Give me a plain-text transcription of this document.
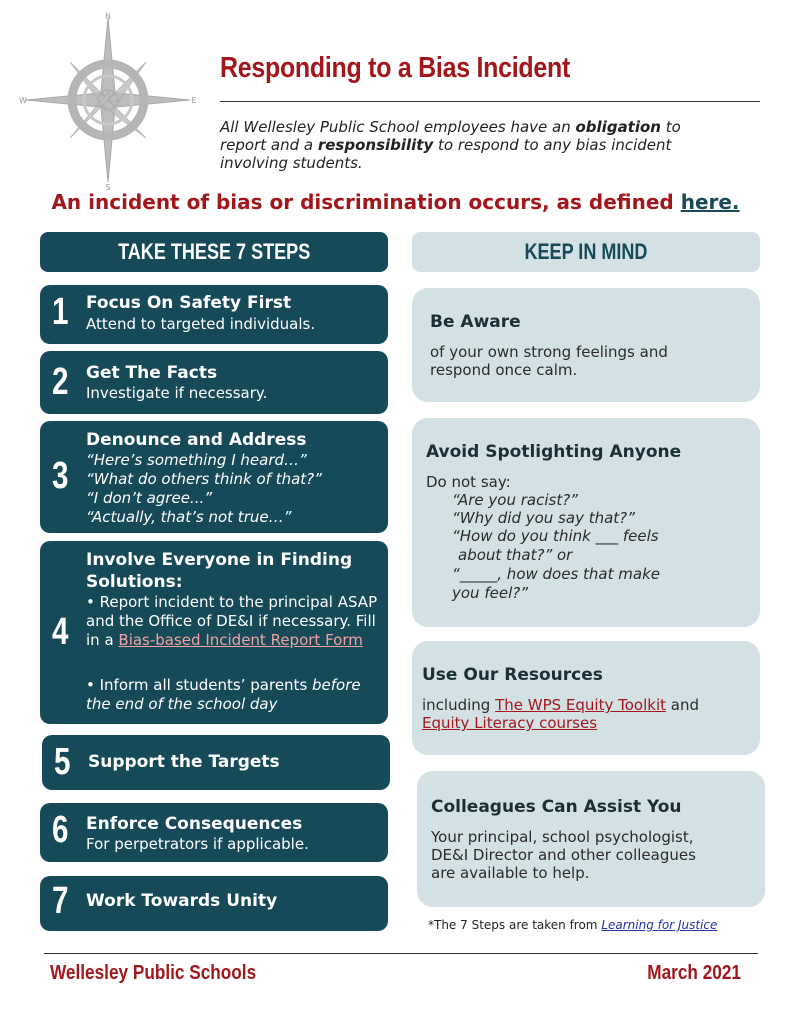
N
E
S
W
Responding to a Bias Incident
All Wellesley Public School employees have an obligation to report and a responsibility to respond to any bias incident involving students.
An incident of bias or discrimination occurs, as defined here.
TAKE THESE 7 STEPS	KEEP IN MIND
1 Focus On Safety First
Attend to targeted individuals.
2 Get The Facts
Investigate if necessary.
3
Denounce and Address
“Here’s something I heard…”
“What do others think of that?”
“I don’t agree...”
“Actually, that’s not true…”
4
Involve Everyone in Finding
Solutions:
• Report incident to the principal ASAP and the Office of DE&I if necessary. Fill in a Bias-based Incident Report Form
• Inform all students’ parents before the end of the school day
5 Support the Targets
6 Enforce Consequences
For perpetrators if applicable.
7 Work Towards Unity
Be Aware
of your own strong feelings and respond once calm.
Avoid Spotlighting Anyone
Do not say:
“Are you racist?”
“Why did you say that?”
“How do you think ___ feels
about that?” or
“_____, how does that make
you feel?”
Use Our Resources
including The WPS Equity Toolkit and Equity Literacy courses
Colleagues Can Assist You
Your principal, school psychologist, DE&I Director and other colleagues are available to help.
*The 7 Steps are taken from Learning for Justice
Wellesley Public Schools	March 2021
